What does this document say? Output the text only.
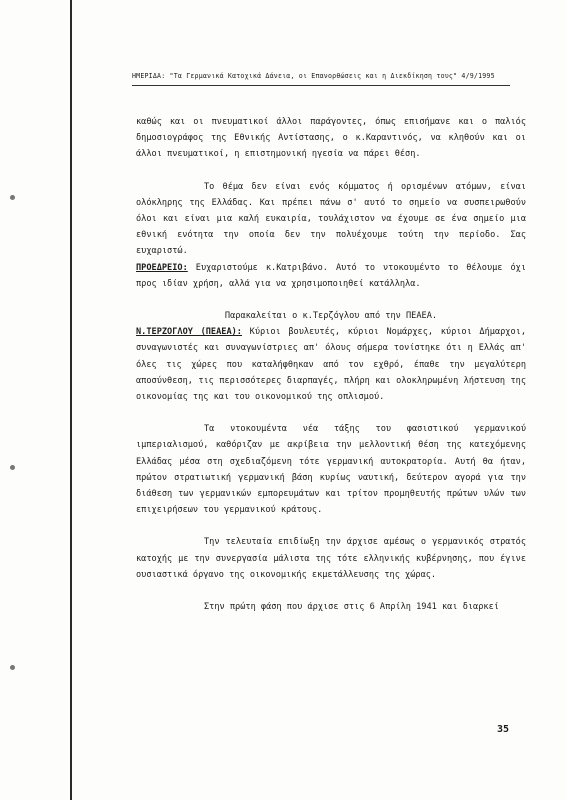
ΗΜΕΡΙΔΑ: "Τα Γερμανικά Κατοχικά Δάνεια, οι Επανορθώσεις και η Διεκδίκηση τους" 4/9/1995

καθώς και οι πνευματικοί άλλοι παράγοντες, όπως επισήμανε και ο παλιός δημοσιογράφος της Εθνικής Αντίστασης, ο κ.Καραντινός, να κληθούν και οι άλλοι πνευματικοί, η επιστημονική ηγεσία να πάρει θέση.

Το θέμα δεν είναι ενός κόμματος ή ορισμένων ατόμων, είναι ολόκληρης της Ελλάδας. Και πρέπει πάνω σ' αυτό το σημείο να συσπειρωθούν όλοι και είναι μια καλή ευκαιρία, τουλάχιστον να έχουμε σε ένα σημείο μια εθνική ενότητα την οποία δεν την πολυέχουμε τούτη την περίοδο. Σας ευχαριστώ.

ΠΡΟΕΔΡΕΙΟ: Ευχαριστούμε κ.Κατριβάνο. Αυτό το ντοκουμέντο το θέλουμε όχι προς ιδίαν χρήση, αλλά για να χρησιμοποιηθεί κατάλληλα.

Παρακαλείται ο κ.Τερζόγλου από την ΠΕΑΕΑ.

Ν.ΤΕΡΖΟΓΛΟΥ (ΠΕΑΕΑ): Κύριοι βουλευτές, κύριοι Νομάρχες, κύριοι Δήμαρχοι, συναγωνιστές και συναγωνίστριες απ' όλους σήμερα τονίστηκε ότι η Ελλάς απ' όλες τις χώρες που καταλήφθηκαν από τον εχθρό, έπαθε την μεγαλύτερη αποσύνθεση, τις περισσότερες διαρπαγές, πλήρη και ολοκληρωμένη λήστευση της οικονομίας της και του οικονομικού της οπλισμού.

Τα ντοκουμέντα νέα τάξης του φασιστικού γερμανικού ιμπεριαλισμού, καθόριζαν με ακρίβεια την μελλοντική θέση της κατεχόμενης Ελλάδας μέσα στη σχεδιαζόμενη τότε γερμανική αυτοκρατορία. Αυτή θα ήταν, πρώτον στρατιωτική γερμανική βάση κυρίως ναυτική, δεύτερον αγορά για την διάθεση των γερμανικών εμπορευμάτων και τρίτον προμηθευτής πρώτων υλών των επιχειρήσεων του γερμανικού κράτους.

Την τελευταία επιδίωξη την άρχισε αμέσως ο γερμανικός στρατός κατοχής με την συνεργασία μάλιστα της τότε ελληνικής κυβέρνησης, που έγινε ουσιαστικά όργανο της οικονομικής εκμετάλλευσης της χώρας.

Στην πρώτη φάση που άρχισε στις 6 Απρίλη 1941 και διαρκεί

35
